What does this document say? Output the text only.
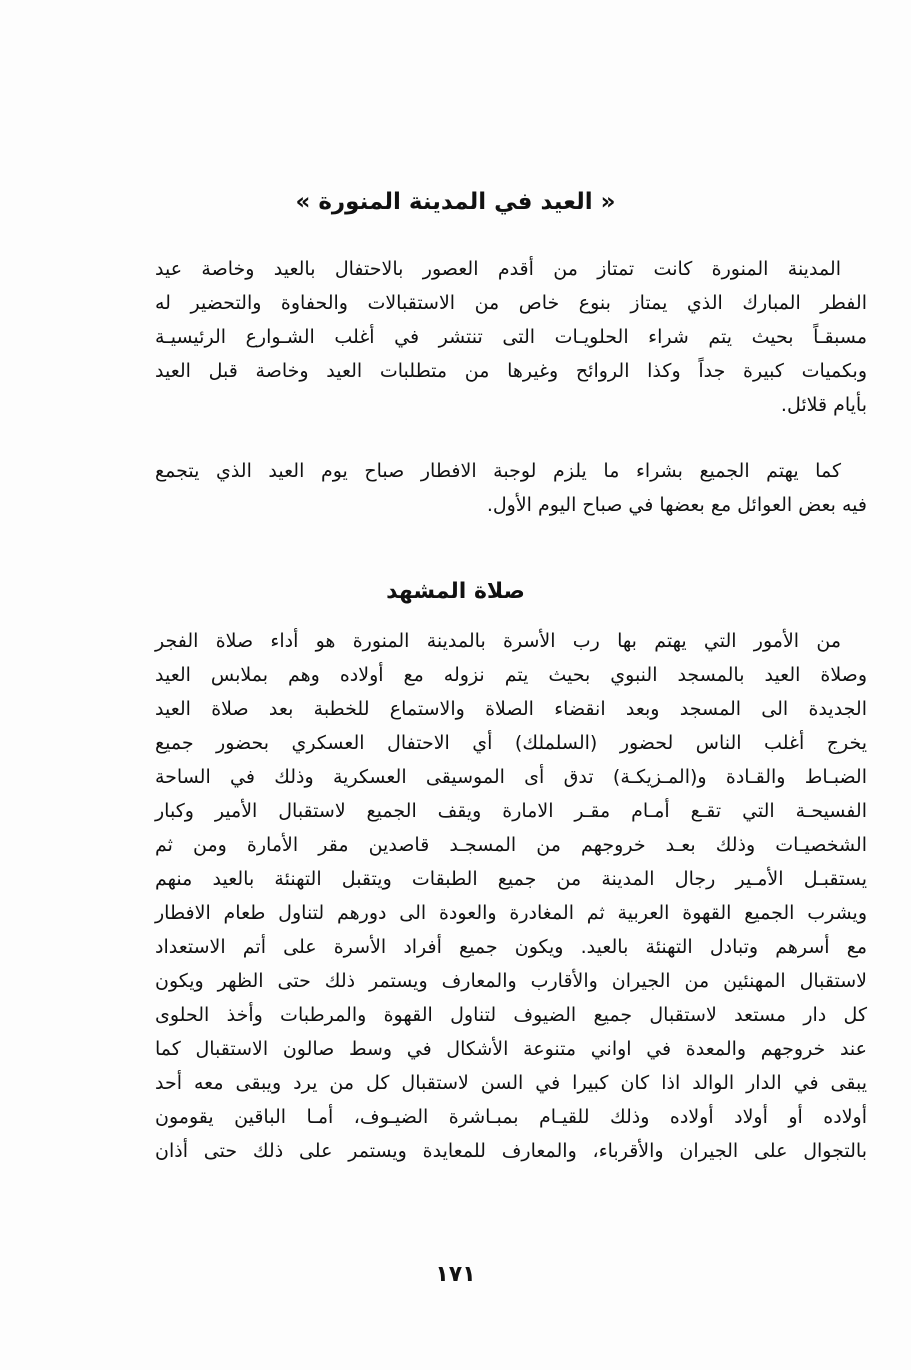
« العيد في المدينة المنورة »
المدينة المنورة كانت تمتاز من أقدم العصور بالاحتفال بالعيد وخاصة عيد
الفطر المبارك الذي يمتاز بنوع خاص من الاستقبالات والحفاوة والتحضير له
مسبقـاً بحيث يتم شراء الحلويـات التى تنتشر في أغلب الشـوارع الرئيسيـة
وبكميات كبيرة جداً وكذا الروائح وغيرها من متطلبات العيد وخاصة قبل العيد
بأيام قلائل.
كما يهتم الجميع بشراء ما يلزم لوجبة الافطار صباح يوم العيد الذي يتجمع
فيه بعض العوائل مع بعضها في صباح اليوم الأول.
صلاة المشهد
من الأمور التي يهتم بها رب الأسرة بالمدينة المنورة هو أداء صلاة الفجر
وصلاة العيد بالمسجد النبوي بحيث يتم نزوله مع أولاده وهم بملابس العيد
الجديدة الى المسجد وبعد انقضاء الصلاة والاستماع للخطبة بعد صلاة العيد
يخرج أغلب الناس لحضور (السلملك) أي الاحتفال العسكري بحضور جميع
الضبـاط والقـادة و(المـزيكـة) تدق أى الموسيقى العسكرية وذلك في الساحة
الفسيحـة التي تقـع أمـام مقـر الامارة ويقف الجميع لاستقبال الأمير وكبار
الشخصيـات وذلك بعـد خروجهم من المسجـد قاصدين مقر الأمارة ومن ثم
يستقبـل الأمـير رجال المدينة من جميع الطبقات ويتقبل التهنئة بالعيد منهم
ويشرب الجميع القهوة العربية ثم المغادرة والعودة الى دورهم لتناول طعام الافطار
مع أسرهم وتبادل التهنئة بالعيد. ويكون جميع أفراد الأسرة على أتم الاستعداد
لاستقبال المهنئين من الجيران والأقارب والمعارف ويستمر ذلك حتى الظهر ويكون
كل دار مستعد لاستقبال جميع الضيوف لتناول القهوة والمرطبات وأخذ الحلوى
عند خروجهم والمعدة في اواني متنوعة الأشكال في وسط صالون الاستقبال كما
يبقى في الدار الوالد اذا كان كبيرا في السن لاستقبال كل من يرد ويبقى معه أحد
أولاده أو أولاد أولاده وذلك للقيـام بمبـاشرة الضيـوف، أمـا الباقين يقومون
بالتجوال على الجيران والأقرباء، والمعارف للمعايدة ويستمر على ذلك حتى أذان
١٧١
